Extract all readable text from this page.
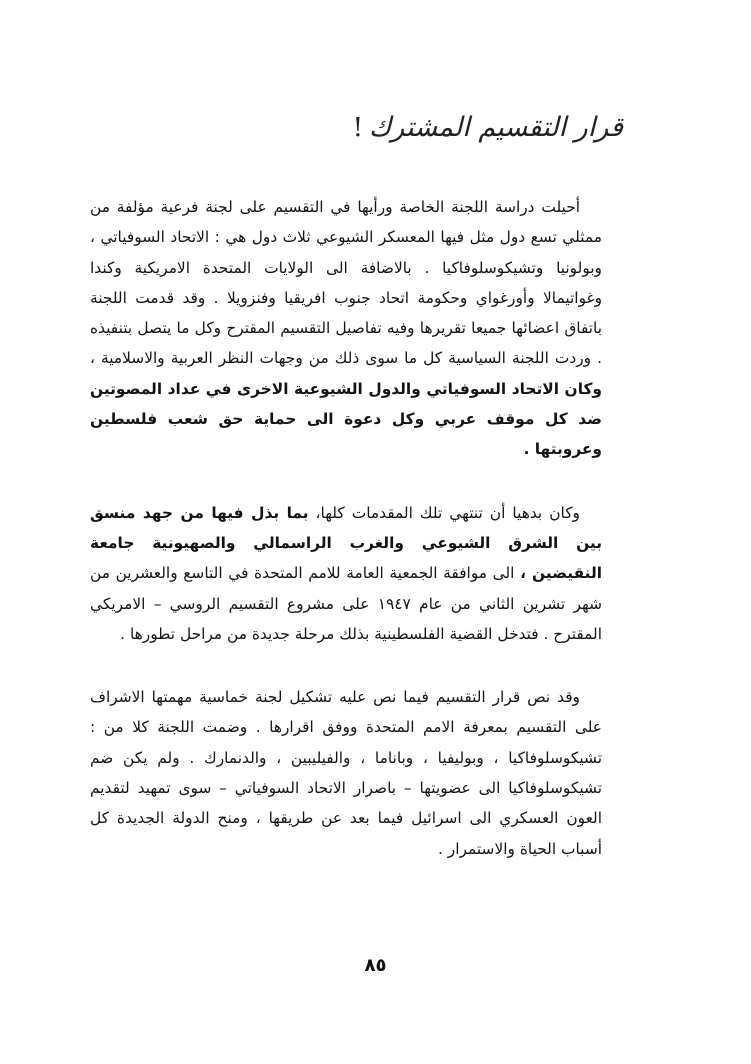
قرار التقسيم المشترك
!

أحيلت دراسة اللجنة الخاصة ورأيها في التقسيم على لجنة فرعية مؤلفة من ممثلي تسع دول مثل فيها المعسكر الشيوعي ثلاث دول هي : الاتحاد السوفياتي ، وبولونيا وتشيكوسلوفاكيا . بالاضافة الى الولايات المتحدة الامريكية وكندا وغواتيمالا وأورغواي وحكومة اتحاد جنوب افريقيا وفنزويلا . وقد قدمت اللجنة باتفاق اعضائها جميعا تقريرها وفيه تفاصيل التقسيم المقترح وكل ما يتصل بتنفيذه . وردت اللجنة السياسية كل ما سوى ذلك من وجهات النظر العربية والاسلامية ، وكان الاتحاد السوفياتي والدول الشيوعية الاخرى في عداد المصوتين ضد كل موقف عربي وكل دعوة الى حماية حق شعب فلسطين وعروبتها .

وكان بدهيا أن تنتهي تلك المقدمات كلها، بما بذل فيها من جهد منسق بين الشرق الشيوعي والغرب الراسمالي والصهيونية جامعة النقيضين ، الى موافقة الجمعية العامة للامم المتحدة في التاسع والعشرين من شهر تشرين الثاني من عام ١٩٤٧ على مشروع التقسيم الروسي – الامريكي المقترح . فتدخل القضية الفلسطينية بذلك مرحلة جديدة من مراحل تطورها .

وقد نص قرار التقسيم فيما نص عليه تشكيل لجنة خماسية مهمتها الاشراف على التقسيم بمعرفة الامم المتحدة ووفق اقرارها . وضمت اللجنة كلا من : تشيكوسلوفاكيا ، وبوليفيا ، وباناما ، والفيليبين ، والدنمارك . ولم يكن ضم تشيكوسلوفاكيا الى عضويتها – باصرار الاتحاد السوفياتي – سوى تمهيد لتقديم العون العسكري الى اسرائيل فيما بعد عن طريقها ، ومنح الدولة الجديدة كل أسباب الحياة والاستمرار .

٨٥
